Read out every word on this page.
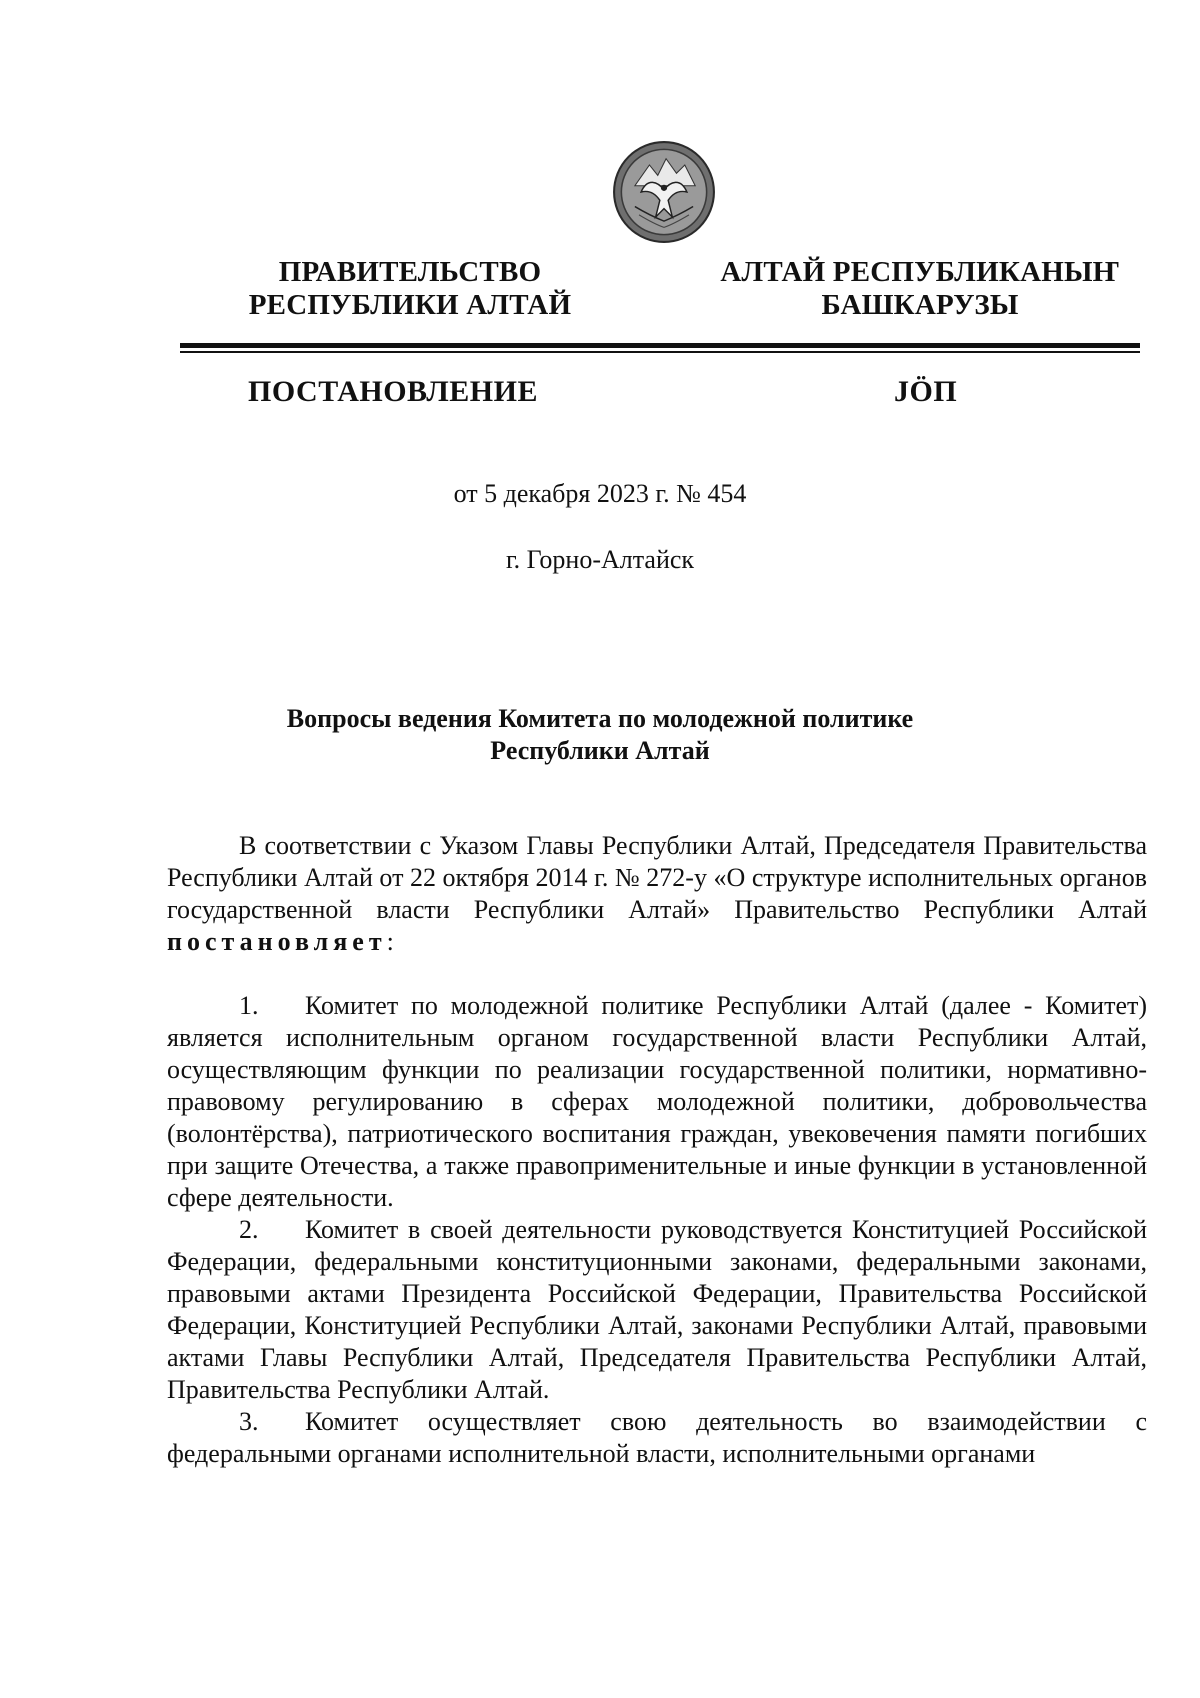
ПРАВИТЕЛЬСТВО
РЕСПУБЛИКИ АЛТАЙ
АЛТАЙ РЕСПУБЛИКАНЫҤ
БАШКАРУЗЫ
ПОСТАНОВЛЕНИЕ	JӦП
от 5 декабря 2023 г. № 454
г. Горно-Алтайск
Вопросы ведения Комитета по молодежной политике
Республики Алтай

В соответствии с Указом Главы Республики Алтай, Председателя Правительства Республики Алтай от 22 октября 2014 г. № 272-у «О структуре исполнительных органов государственной власти Республики Алтай» Правительство Республики Алтай постановляет:

1. Комитет по молодежной политике Республики Алтай (далее - Комитет) является исполнительным органом государственной власти Республики Алтай, осуществляющим функции по реализации государственной политики, нормативно-правовому регулированию в сферах молодежной политики, добровольчества (волонтёрства), патриотического воспитания граждан, увековечения памяти погибших при защите Отечества, а также правоприменительные и иные функции в установленной сфере деятельности.

2. Комитет в своей деятельности руководствуется Конституцией Российской Федерации, федеральными конституционными законами, федеральными законами, правовыми актами Президента Российской Федерации, Правительства Российской Федерации, Конституцией Республики Алтай, законами Республики Алтай, правовыми актами Главы Республики Алтай, Председателя Правительства Республики Алтай, Правительства Республики Алтай.

3. Комитет осуществляет свою деятельность во взаимодействии с федеральными органами исполнительной власти, исполнительными органами
